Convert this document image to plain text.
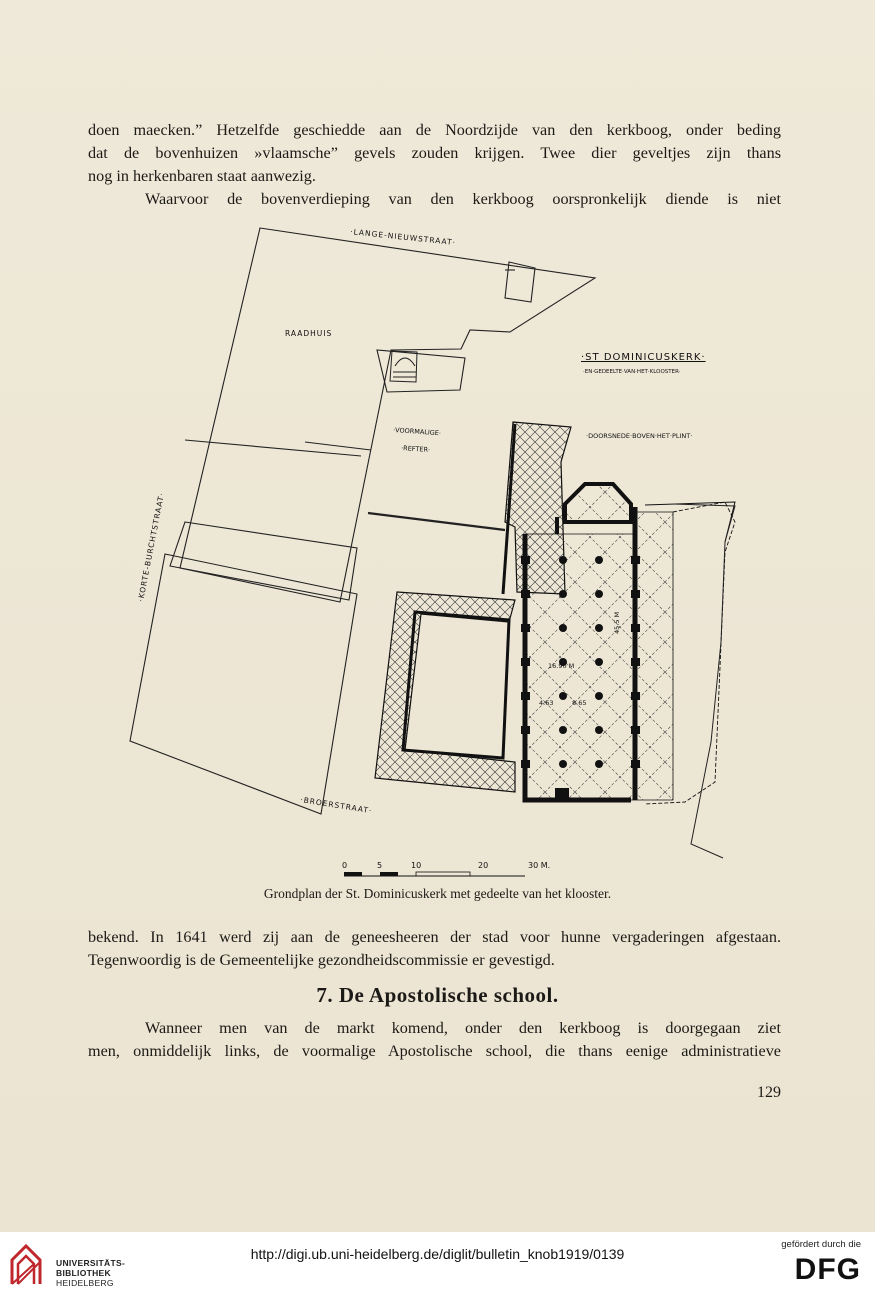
doen maecken.” Hetzelfde geschiedde aan de Noordzijde van den kerkboog, onder beding
dat de bovenhuizen »vlaamsche” gevels zouden krijgen. Twee dier geveltjes zijn thans
nog in herkenbaren staat aanwezig.
Waarvoor de bovenverdieping van den kerkboog oorspronkelijk diende is niet
·LANGE-NIEUWSTRAAT·
·KORTE-BURCHTSTRAAT·
·BROERSTRAAT·
RAADHUIS
·VOORMALIGE·
·REFTER·
·ST DOMINICUSKERK·
·EN·GEDEELTE·VAN·HET·KLOOSTER·
·DOORSNEDE·BOVEN·HET·PLINT·
45.5 M
16.90 M
4.63	8.65
0	5	10	20	30 M.
Grondplan der St. Dominicuskerk met gedeelte van het klooster.
bekend. In 1641 werd zij aan de geneesheeren der stad voor hunne vergaderingen afgestaan.
Tegenwoordig is de Gemeentelijke gezondheidscommissie er gevestigd.
7. De Apostolische school.
Wanneer men van de markt komend, onder den kerkboog is doorgegaan ziet
men, onmiddelijk links, de voormalige Apostolische school, die thans eenige administratieve
129
UNIVERSITÄTS-
BIBLIOTHEK
HEIDELBERG
http://digi.ub.uni-heidelberg.de/diglit/bulletin_knob1919/0139
gefördert durch die
DFG
